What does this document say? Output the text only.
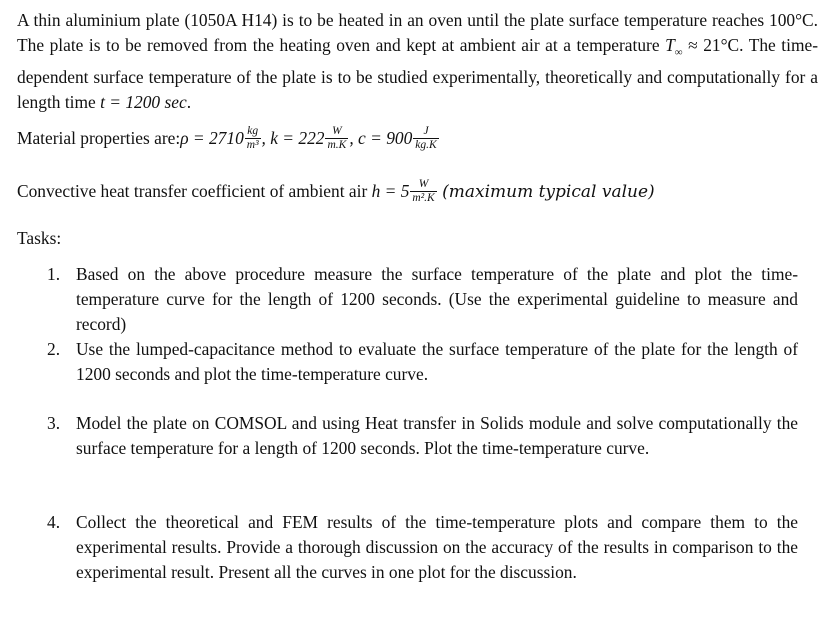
A thin aluminium plate (1050A H14) is to be heated in an oven until the plate surface temperature reaches 100°C. The plate is to be removed from the heating oven and kept at ambient air at a temperature $T_\infty \approx 21^\circ C$. The time-dependent surface temperature of the plate is to be studied experimentally, theoretically and computationally for a length time t = 1200 sec.

Material properties are:ρ = $2710 \frac{kg}{\text{m³}}$ , $k = 222 \frac{W}{m.K}$ , $c = 900 \frac{J}{kg.K}$
Convective heat transfer coefficient of ambient air $h = 5 \frac{W}{\text{m².K}}$ (maximum typical value)

Tasks:

1. Based on the above procedure measure the surface temperature of the plate and plot the time- temperature curve for the length of 1200 seconds. (Use the experimental guideline to measure and record)
2. Use the lumped-capacitance method to evaluate the surface temperature of the plate for the length of 1200 seconds and plot the time-temperature curve.
3. Model the plate on COMSOL and using Heat transfer in Solids module and solve computationally the surface temperature for a length of 1200 seconds. Plot the time-temperature curve.
4. Collect the theoretical and FEM results of the time-temperature plots and compare them to the experimental results. Provide a thorough discussion on the accuracy of the results in comparison to the experimental result. Present all the curves in one plot for the discussion.
